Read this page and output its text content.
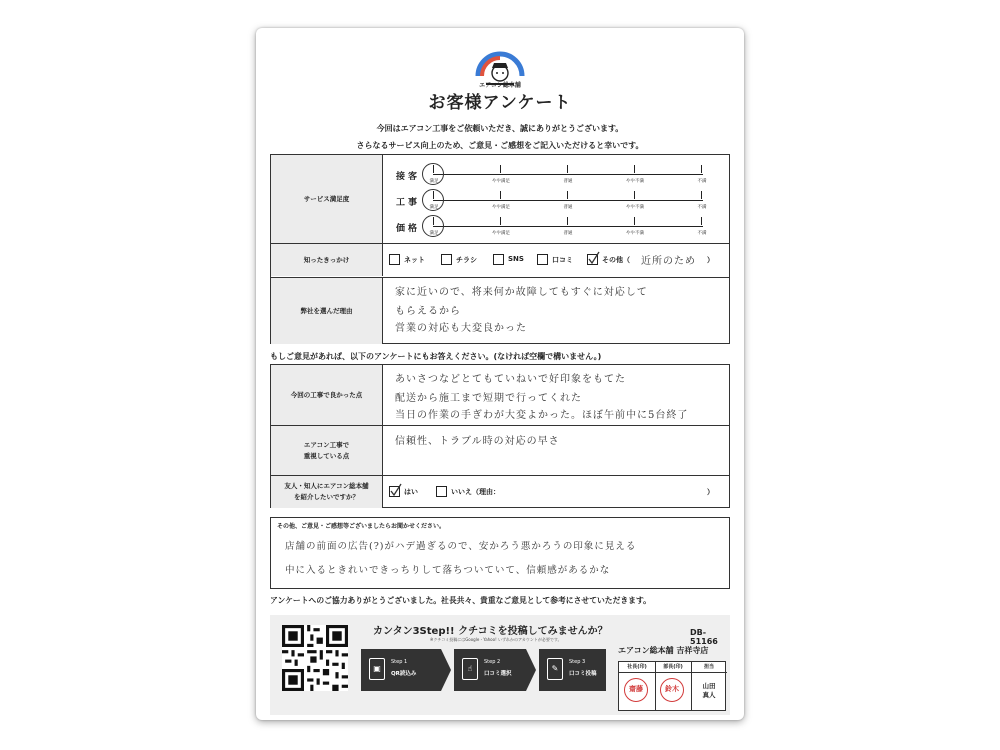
エアコン総本舗
お客様アンケート
今回はエアコン工事をご依頼いただき、誠にありがとうございます。
さらなるサービス向上のため、ご意見・ご感想をご記入いただけると幸いです。
サービス満足度
接客 満足	やや満足	普通	やや不満	不満
工事 満足	やや満足	普通	やや不満	不満
価格 満足	やや満足	普通	やや不満	不満
知ったきっかけ	ネット	チラシ	SNS	口コミ	その他（ 近所のため ）
弊社を選んだ理由
家に近いので、将来何か故障してもすぐに対応して
もらえるから
営業の対応も大変良かった
もしご意見があれば、以下のアンケートにもお答えください。(なければ空欄で構いません。)
今回の工事で良かった点
あいさつなどとてもていねいで好印象をもてた
配送から施工まで短期で行ってくれた
当日の作業の手ぎわが大変よかった。ほぼ午前中に5台終了
エアコン工事で
重視している点
信頼性、トラブル時の対応の早さ
友人・知人にエアコン総本舗
を紹介したいですか？
はい	いいえ（理由：	）
その他、ご意見・ご感想等ございましたらお聞かせください。
店舗の前面の広告(?)がハデ過ぎるので、安かろう悪かろうの印象に見える
中に入るときれいできっちりして落ちついていて、信頼感があるかな
アンケートへのご協力ありがとうございました。社長共々、貴重なご意見として参考にさせていただきます。
カンタン3Step!! クチコミを投稿してみませんか？
※クチコミ投稿にはGoogle・Yahoo! いずれかのアカウントが必要です。
▣
Step 1
QR読込み
☝
Step 2
口コミ選択
✎
Step 3
口コミ投稿
DB-51166
エアコン総本舗 吉祥寺店
社長(印)	部長(印)	担当
齋藤	鈴木	山田
真人
